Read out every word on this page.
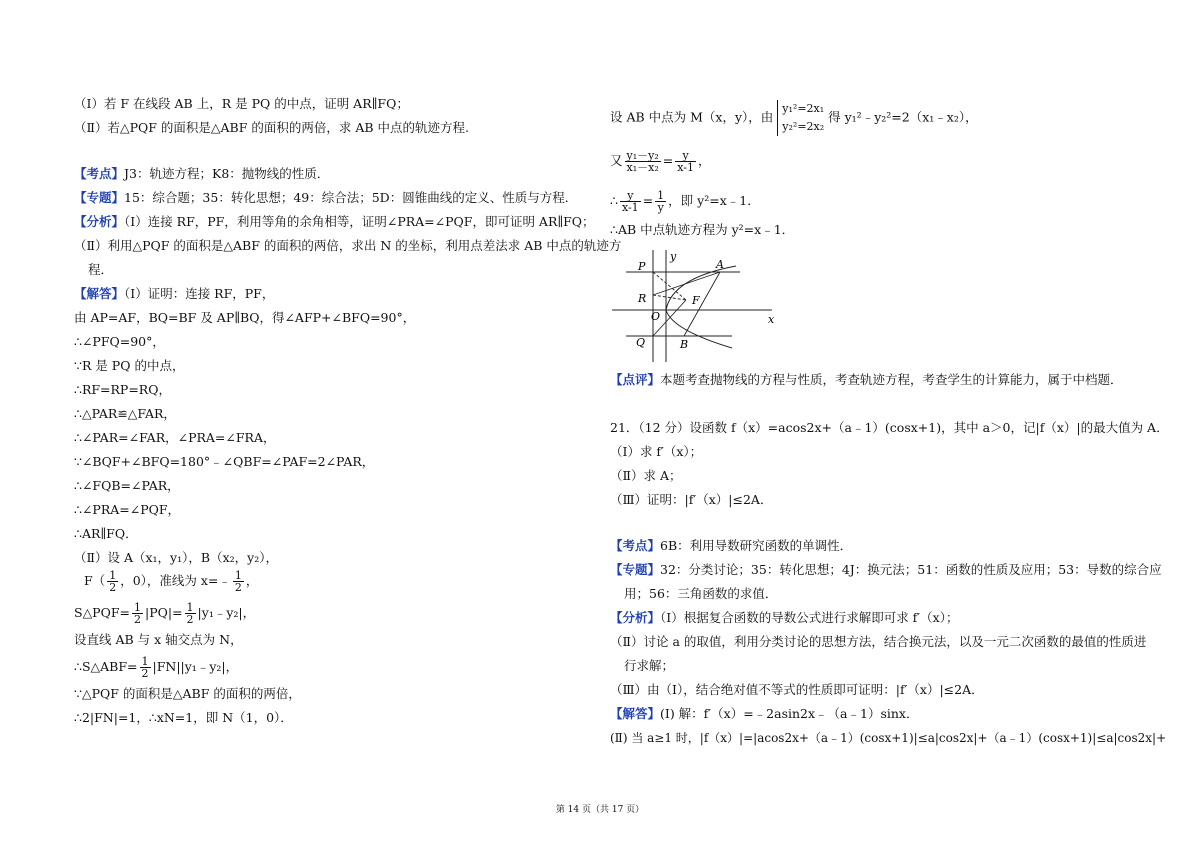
（Ⅰ）若 F 在线段 AB 上，R 是 PQ 的中点，证明 AR∥FQ；
（Ⅱ）若△PQF 的面积是△ABF 的面积的两倍，求 AB 中点的轨迹方程.
【考点】J3：轨迹方程；K8：抛物线的性质．
【专题】15：综合题；35：转化思想；49：综合法；5D：圆锥曲线的定义、性质与方程．
【分析】（Ⅰ）连接 RF，PF，利用等角的余角相等，证明∠PRA=∠PQF，即可证明 AR∥FQ；
（Ⅱ）利用△PQF 的面积是△ABF 的面积的两倍，求出 N 的坐标，利用点差法求 AB 中点的轨迹方
程．
【解答】（Ⅰ）证明：连接 RF，PF，
由 AP=AF，BQ=BF 及 AP∥BQ，得∠AFP+∠BFQ=90°，
∴∠PFQ=90°，
∵R 是 PQ 的中点，
∴RF=RP=RQ，
∴△PAR≌△FAR，
∴∠PAR=∠FAR，∠PRA=∠FRA，
∵∠BQF+∠BFQ=180°﹣∠QBF=∠PAF=2∠PAR，
∴∠FQB=∠PAR，
∴∠PRA=∠PQF，
∴AR∥FQ．
（Ⅱ）设 A（x₁，y₁），B（x₂，y₂），
$F( \frac{1}{2}$ ，0），准线为 x=﹣ $\frac{1}{2}$ ，
S△PQF= $\frac{1}{2} |PQ|= \frac{1}{2}$ |y₁﹣y₂|，
设直线 AB 与 x 轴交点为 N，
∴S△ABF= $\frac{1}{2}$ |FN||y₁﹣y₂|，
∵△PQF 的面积是△ABF 的面积的两倍，
∴2|FN|=1，∴xN=1，即 N（1，0）．
设 AB 中点为 M（x，y），由
y₁²=2x₁
y₂²=2x₂
得 y₁²﹣y₂²=2（x₁﹣x₂），
又 $\frac{\text{y₁－y₂}}{\text{x₁－x₂}} = \frac{y}{x-1}$ ，
∴ $\frac{y}{x-1} = \frac{1}{y}$ ，即 y²=x﹣1．
∴AB 中点轨迹方程为 y²=x﹣1．
【点评】本题考查抛物线的方程与性质，考查轨迹方程，考查学生的计算能力，属于中档题．
21．（12 分）设函数 f（x）=acos2x+（a﹣1）(cosx+1)，其中 a＞0，记|f（x）|的最大值为 A．
（Ⅰ）求 f′（x）；
（Ⅱ）求 A；
（Ⅲ）证明：|f′（x）|≤2A．
【考点】6B：利用导数研究函数的单调性．
【专题】32：分类讨论；35：转化思想；4J：换元法；51：函数的性质及应用；53：导数的综合应
用；56：三角函数的求值．
【分析】（Ⅰ）根据复合函数的导数公式进行求解即可求 f′（x）；
（Ⅱ）讨论 a 的取值，利用分类讨论的思想方法，结合换元法，以及一元二次函数的最值的性质进
行求解；
（Ⅲ）由（Ⅰ），结合绝对值不等式的性质即可证明：|f′（x）|≤2A．
【解答】(Ⅰ) 解：f′（x）=﹣2asin2x﹣（a﹣1）sinx．
(Ⅱ) 当 a≥1 时，|f（x）|=|acos2x+（a﹣1）(cosx+1)|≤a|cos2x|+（a﹣1）(cosx+1)|≤a|cos2x|+
P	A
R	F
O	x
y
Q	B
第 14 页（共 17 页）
